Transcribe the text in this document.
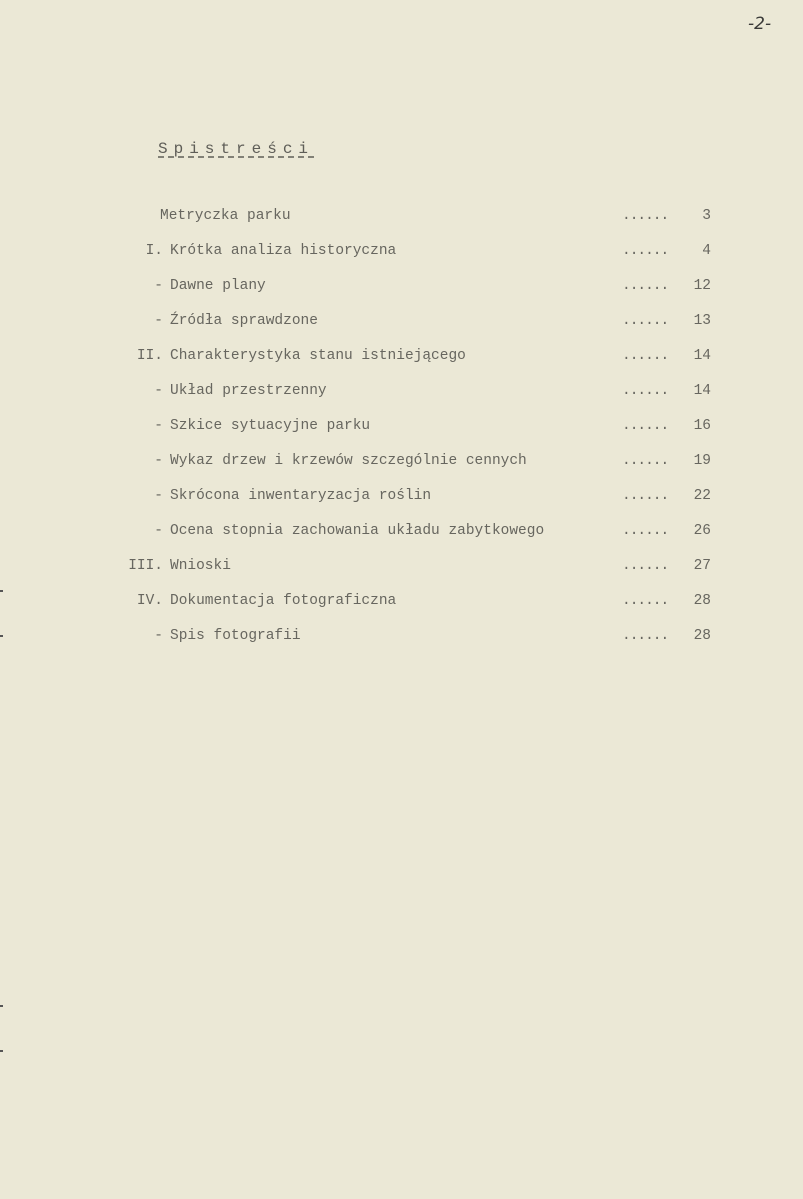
-2-
Spistreści
Metryczka parku	...... 3
I. Krótka analiza historyczna	...... 4
- Dawne plany	...... 12
- Źródła sprawdzone	...... 13
II. Charakterystyka stanu istniejącego	...... 14
- Układ przestrzenny	...... 14
- Szkice sytuacyjne parku	...... 16
- Wykaz drzew i krzewów szczególnie cennych	...... 19
- Skrócona inwentaryzacja roślin	...... 22
- Ocena stopnia zachowania układu zabytkowego	...... 26
III. Wnioski	...... 27
IV. Dokumentacja fotograficzna	...... 28
- Spis fotografii	...... 28
